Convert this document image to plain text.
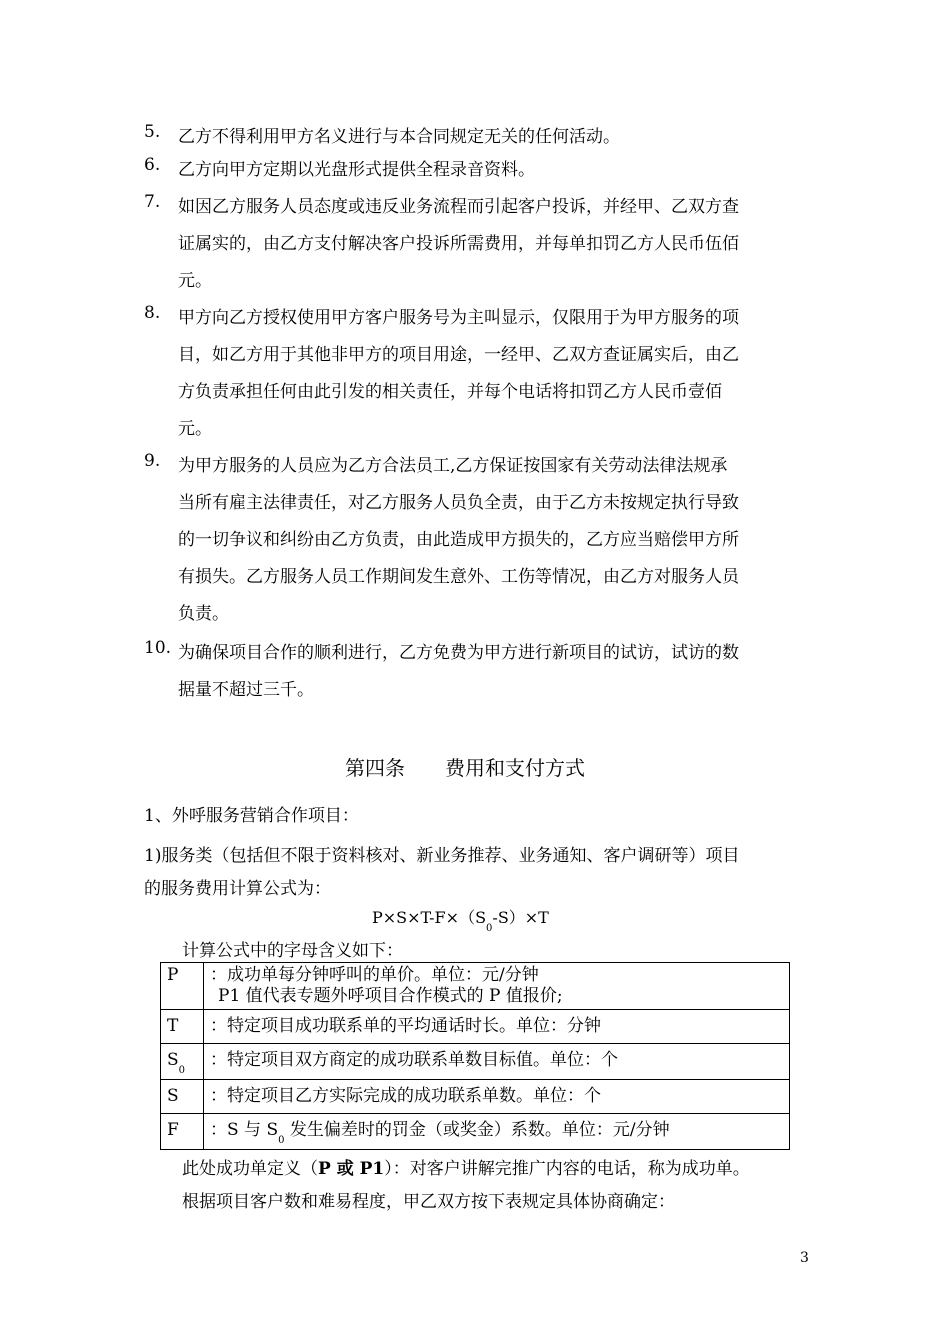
5. 乙方不得利用甲方名义进行与本合同规定无关的任何活动。
6. 乙方向甲方定期以光盘形式提供全程录音资料。
7. 如因乙方服务人员态度或违反业务流程而引起客户投诉，并经甲、乙双方查
证属实的，由乙方支付解决客户投诉所需费用，并每单扣罚乙方人民币伍佰
元。
8. 甲方向乙方授权使用甲方客户服务号为主叫显示，仅限用于为甲方服务的项
目，如乙方用于其他非甲方的项目用途，一经甲、乙双方查证属实后，由乙
方负责承担任何由此引发的相关责任，并每个电话将扣罚乙方人民币壹佰
元。
9. 为甲方服务的人员应为乙方合法员工,乙方保证按国家有关劳动法律法规承
当所有雇主法律责任，对乙方服务人员负全责，由于乙方未按规定执行导致
的一切争议和纠纷由乙方负责，由此造成甲方损失的，乙方应当赔偿甲方所
有损失。乙方服务人员工作期间发生意外、工伤等情况，由乙方对服务人员
负责。
10. 为确保项目合作的顺利进行，乙方免费为甲方进行新项目的试访，试访的数
据量不超过三千。
第四条　　费用和支付方式
1、外呼服务营销合作项目：
1)服务类（包括但不限于资料核对、新业务推荐、业务通知、客户调研等）项目
的服务费用计算公式为：
$P\times S\times T-F\times(S_0-S)\times T$
计算公式中的字母含义如下：
P	：成功单每分钟呼叫的单价。单位：元/分钟
P1 值代表专题外呼项目合作模式的 P 值报价;

T	：特定项目成功联系单的平均通话时长。单位：分钟
$S_0$	：特定项目双方商定的成功联系单数目标值。单位：个
S	：特定项目乙方实际完成的成功联系单数。单位：个
F	：S 与 $S_0$ 发生偏差时的罚金（或奖金）系数。单位：元/分钟
此处成功单定义（P 或 P1）：对客户讲解完推广内容的电话，称为成功单。
根据项目客户数和难易程度，甲乙双方按下表规定具体协商确定：
3
